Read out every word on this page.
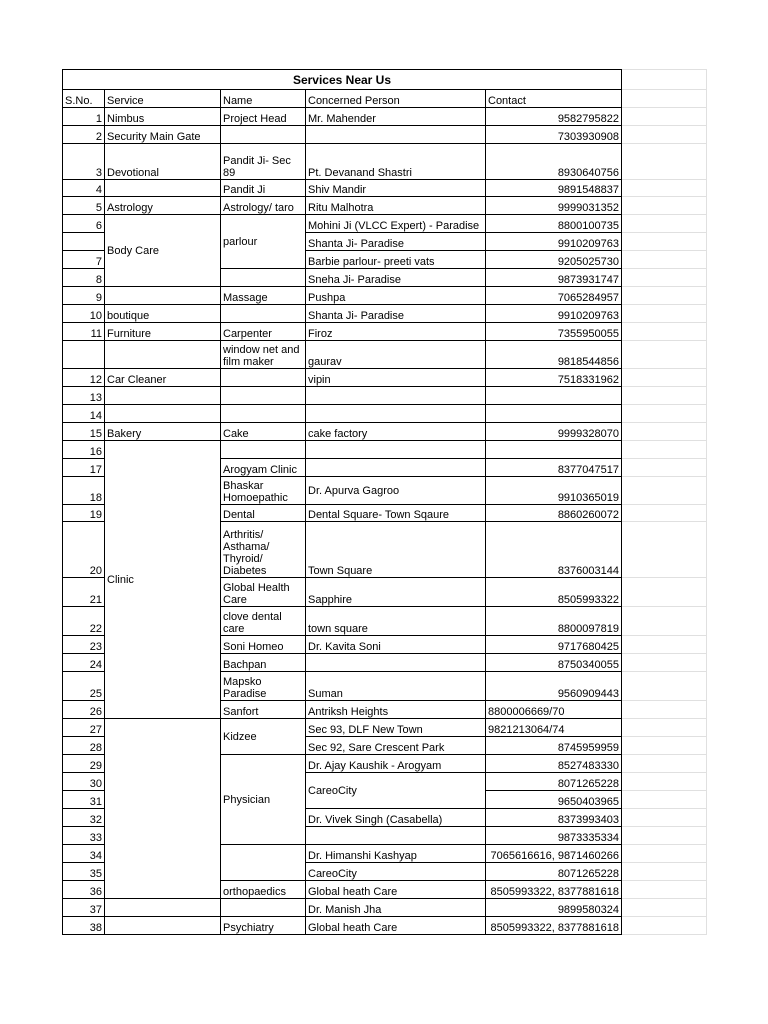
Services Near Us					
S.No.	Service	Name	Concerned Person	Contact	
1	Nimbus	Project Head	Mr. Mahender	9582795822	
2	Security Main Gate			7303930908	
3	Devotional	Pandit Ji- Sec 89	Pt. Devanand Shastri	8930640756	
4		Pandit Ji	Shiv Mandir	9891548837	
5	Astrology	Astrology/ taro	Ritu Malhotra	9999031352	
6	Body Care	parlour	Mohini Ji (VLCC Expert) - Paradise	8800100735	
			Shanta Ji- Paradise	9910209763	
7			Barbie parlour- preeti vats	9205025730	
8			Sneha Ji- Paradise	9873931747	
9		Massage	Pushpa	7065284957	
10	boutique		Shanta Ji- Paradise	9910209763	
11	Furniture	Carpenter	Firoz	7355950055	
		window net and film maker	gaurav	9818544856	
12	Car Cleaner		vipin	7518331962	
13					
14					
15	Bakery	Cake	cake factory	9999328070	
16	Clinic				
17		Arogyam Clinic		8377047517	
18		Bhaskar Homoepathic	Dr. Apurva Gagroo	9910365019	
19		Dental	Dental Square- Town Sqaure	8860260072	
20		Arthritis/ Asthama/ Thyroid/ Diabetes	Town Square	8376003144	
21		Global Health Care	Sapphire	8505993322	
22		clove dental care	town square	8800097819	
23		Soni Homeo	Dr. Kavita Soni	9717680425	
24		Bachpan		8750340055	
25		Mapsko Paradise	Suman	9560909443	
26		Sanfort	Antriksh Heights	8800006669/70	
27		Kidzee	Sec 93, DLF New Town	9821213064/74	
28			Sec 92, Sare Crescent Park	8745959959	
29		Physician	Dr. Ajay Kaushik - Arogyam	8527483330	
30			CareoCity	8071265228	
31				9650403965	
32			Dr. Vivek Singh (Casabella)	8373993403	
33				9873335334	
34			Dr. Himanshi Kashyap	7065616616, 9871460266	
35			CareoCity	8071265228	
36		orthopaedics	Global heath Care	8505993322, 8377881618	
37			Dr. Manish Jha	9899580324	
38		Psychiatry	Global heath Care	8505993322, 8377881618	
